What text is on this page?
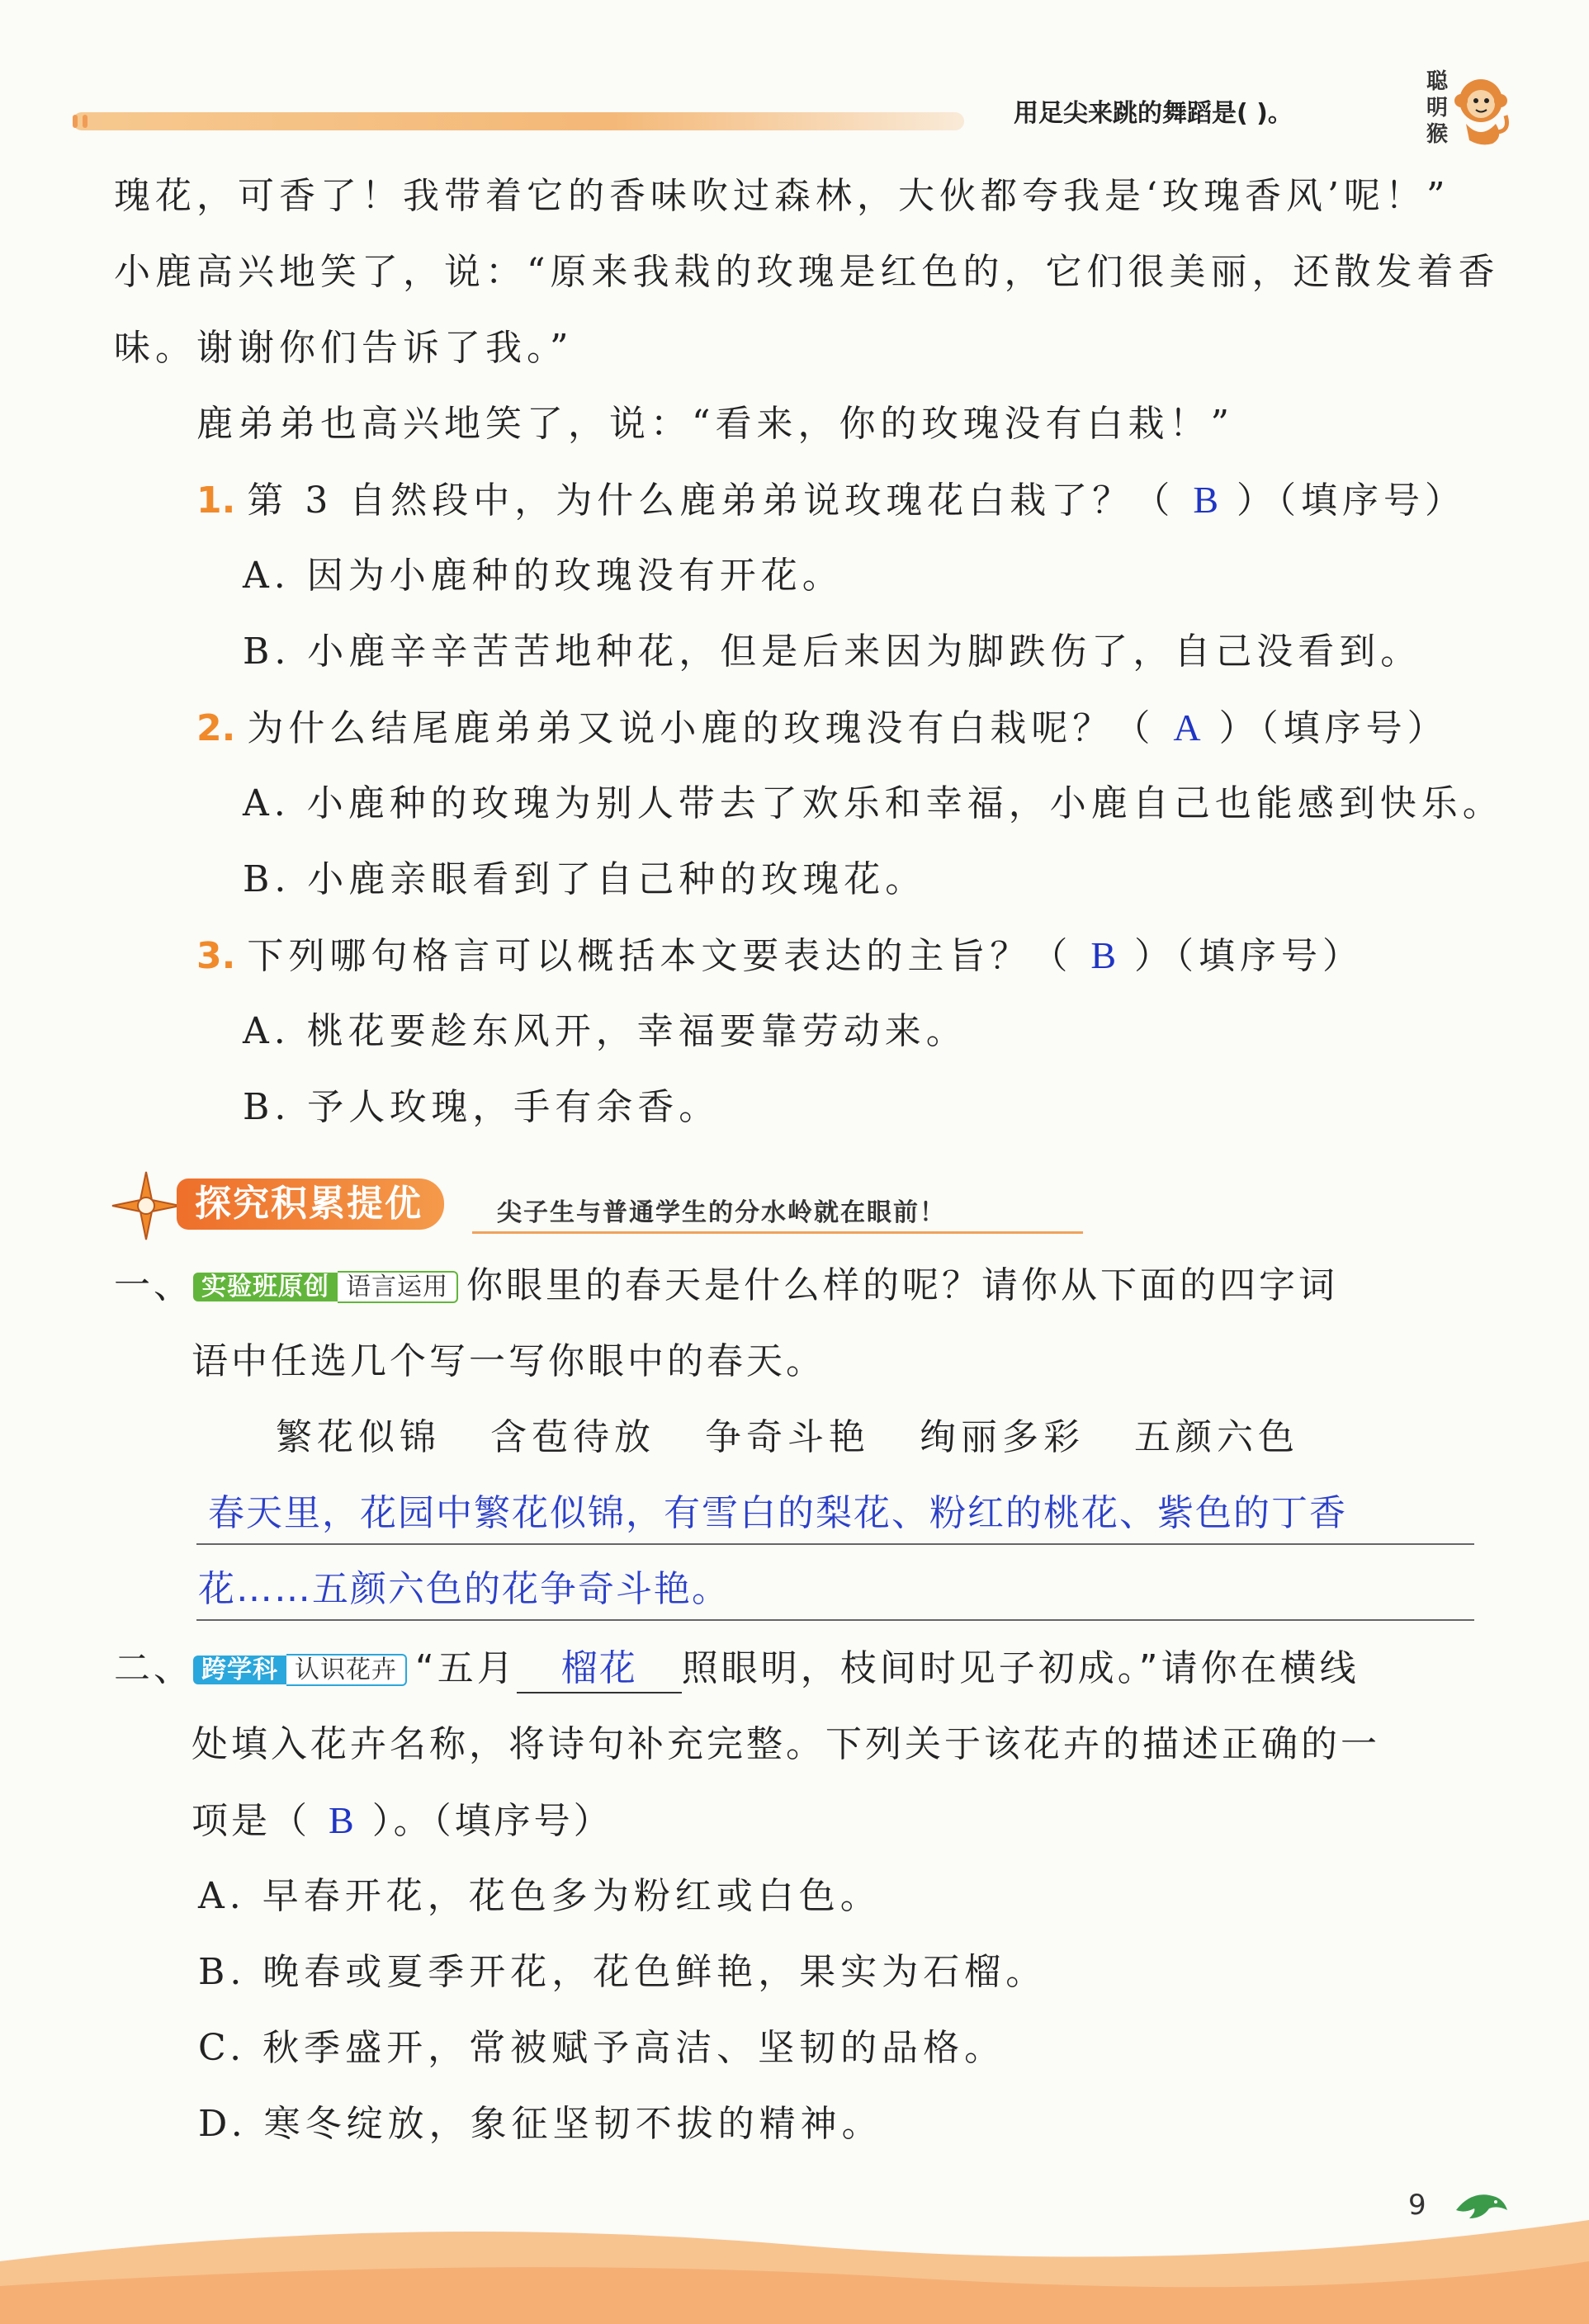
用足尖来跳的舞蹈是( )。
聪
明
猴
瑰花，可香了！我带着它的香味吹过森林，大伙都夸我是‘玫瑰香风’呢！”
小鹿高兴地笑了，说：“原来我栽的玫瑰是红色的，它们很美丽，还散发着香
味。谢谢你们告诉了我。”
鹿弟弟也高兴地笑了，说：“看来，你的玫瑰没有白栽！”
1. 第 3 自然段中，为什么鹿弟弟说玫瑰花白栽了？（ B ）（填序号）
A. 因为小鹿种的玫瑰没有开花。
B. 小鹿辛辛苦苦地种花，但是后来因为脚跌伤了，自己没看到。
2. 为什么结尾鹿弟弟又说小鹿的玫瑰没有白栽呢？（ A ）（填序号）
A. 小鹿种的玫瑰为别人带去了欢乐和幸福，小鹿自己也能感到快乐。
B. 小鹿亲眼看到了自己种的玫瑰花。
3. 下列哪句格言可以概括本文要表达的主旨？（ B ）（填序号）
A. 桃花要趁东风开，幸福要靠劳动来。
B. 予人玫瑰，手有余香。
探究积累提优	尖子生与普通学生的分水岭就在眼前！
一、 实验班原创 语言运用 你眼里的春天是什么样的呢？请你从下面的四字词
语中任选几个写一写你眼中的春天。
繁花似锦 含苞待放 争奇斗艳 绚丽多彩 五颜六色
春天里，花园中繁花似锦，有雪白的梨花、粉红的桃花、紫色的丁香
花……五颜六色的花争奇斗艳。
二、 跨学科 认识花卉 “五月 榴花 照眼明，枝间时见子初成。”请你在横线
处填入花卉名称，将诗句补充完整。下列关于该花卉的描述正确的一
项是（ B ）。（填序号）
A. 早春开花，花色多为粉红或白色。
B. 晚春或夏季开花，花色鲜艳，果实为石榴。
C. 秋季盛开，常被赋予高洁、坚韧的品格。
D. 寒冬绽放，象征坚韧不拔的精神。
9
